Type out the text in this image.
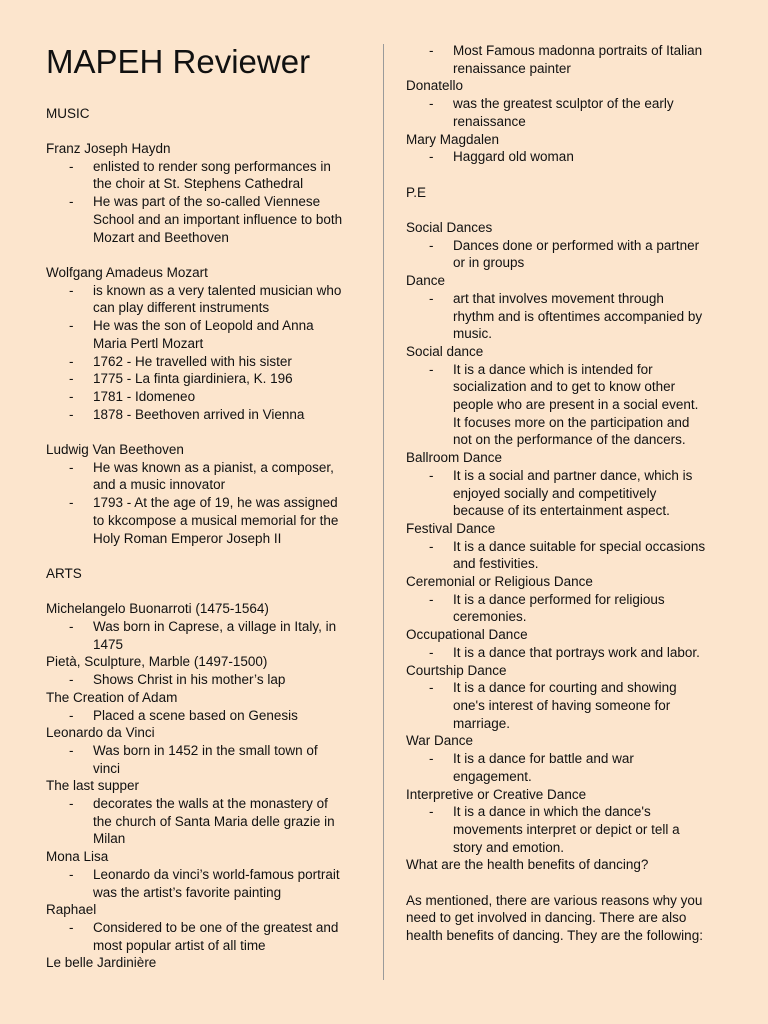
MAPEH Reviewer
MUSIC
Franz Joseph Haydn
- enlisted to render song performances in
the choir at St. Stephens Cathedral
- He was part of the so-called Viennese
School and an important influence to both
Mozart and Beethoven
Wolfgang Amadeus Mozart
- is known as a very talented musician who
can play different instruments
- He was the son of Leopold and Anna
Maria Pertl Mozart
- 1762 - He travelled with his sister
- 1775 - La finta giardiniera, K. 196
- 1781 - Idomeneo
- 1878 - Beethoven arrived in Vienna
Ludwig Van Beethoven
- He was known as a pianist, a composer,
and a music innovator
- 1793 - At the age of 19, he was assigned
to kkcompose a musical memorial for the
Holy Roman Emperor Joseph II
ARTS
Michelangelo Buonarroti (1475-1564)
- Was born in Caprese, a village in Italy, in
1475
Pietà, Sculpture, Marble (1497-1500)
- Shows Christ in his mother’s lap
The Creation of Adam
- Placed a scene based on Genesis
Leonardo da Vinci
- Was born in 1452 in the small town of
vinci
The last supper
- decorates the walls at the monastery of
the church of Santa Maria delle grazie in
Milan
Mona Lisa
- Leonardo da vinci’s world-famous portrait
was the artist’s favorite painting
Raphael
- Considered to be one of the greatest and
most popular artist of all time
Le belle Jardinière
- Most Famous madonna portraits of Italian
renaissance painter
Donatello
- was the greatest sculptor of the early
renaissance
Mary Magdalen
- Haggard old woman
P.E
Social Dances
- Dances done or performed with a partner
or in groups
Dance
- art that involves movement through
rhythm and is oftentimes accompanied by
music.
Social dance
- It is a dance which is intended for
socialization and to get to know other
people who are present in a social event.
It focuses more on the participation and
not on the performance of the dancers.
Ballroom Dance
- It is a social and partner dance, which is
enjoyed socially and competitively
because of its entertainment aspect.
Festival Dance
- It is a dance suitable for special occasions
and festivities.
Ceremonial or Religious Dance
- It is a dance performed for religious
ceremonies.
Occupational Dance
- It is a dance that portrays work and labor.
Courtship Dance
- It is a dance for courting and showing
one's interest of having someone for
marriage.
War Dance
- It is a dance for battle and war
engagement.
Interpretive or Creative Dance
- It is a dance in which the dance's
movements interpret or depict or tell a
story and emotion.
What are the health benefits of dancing?
As mentioned, there are various reasons why you
need to get involved in dancing. There are also
health benefits of dancing. They are the following:
